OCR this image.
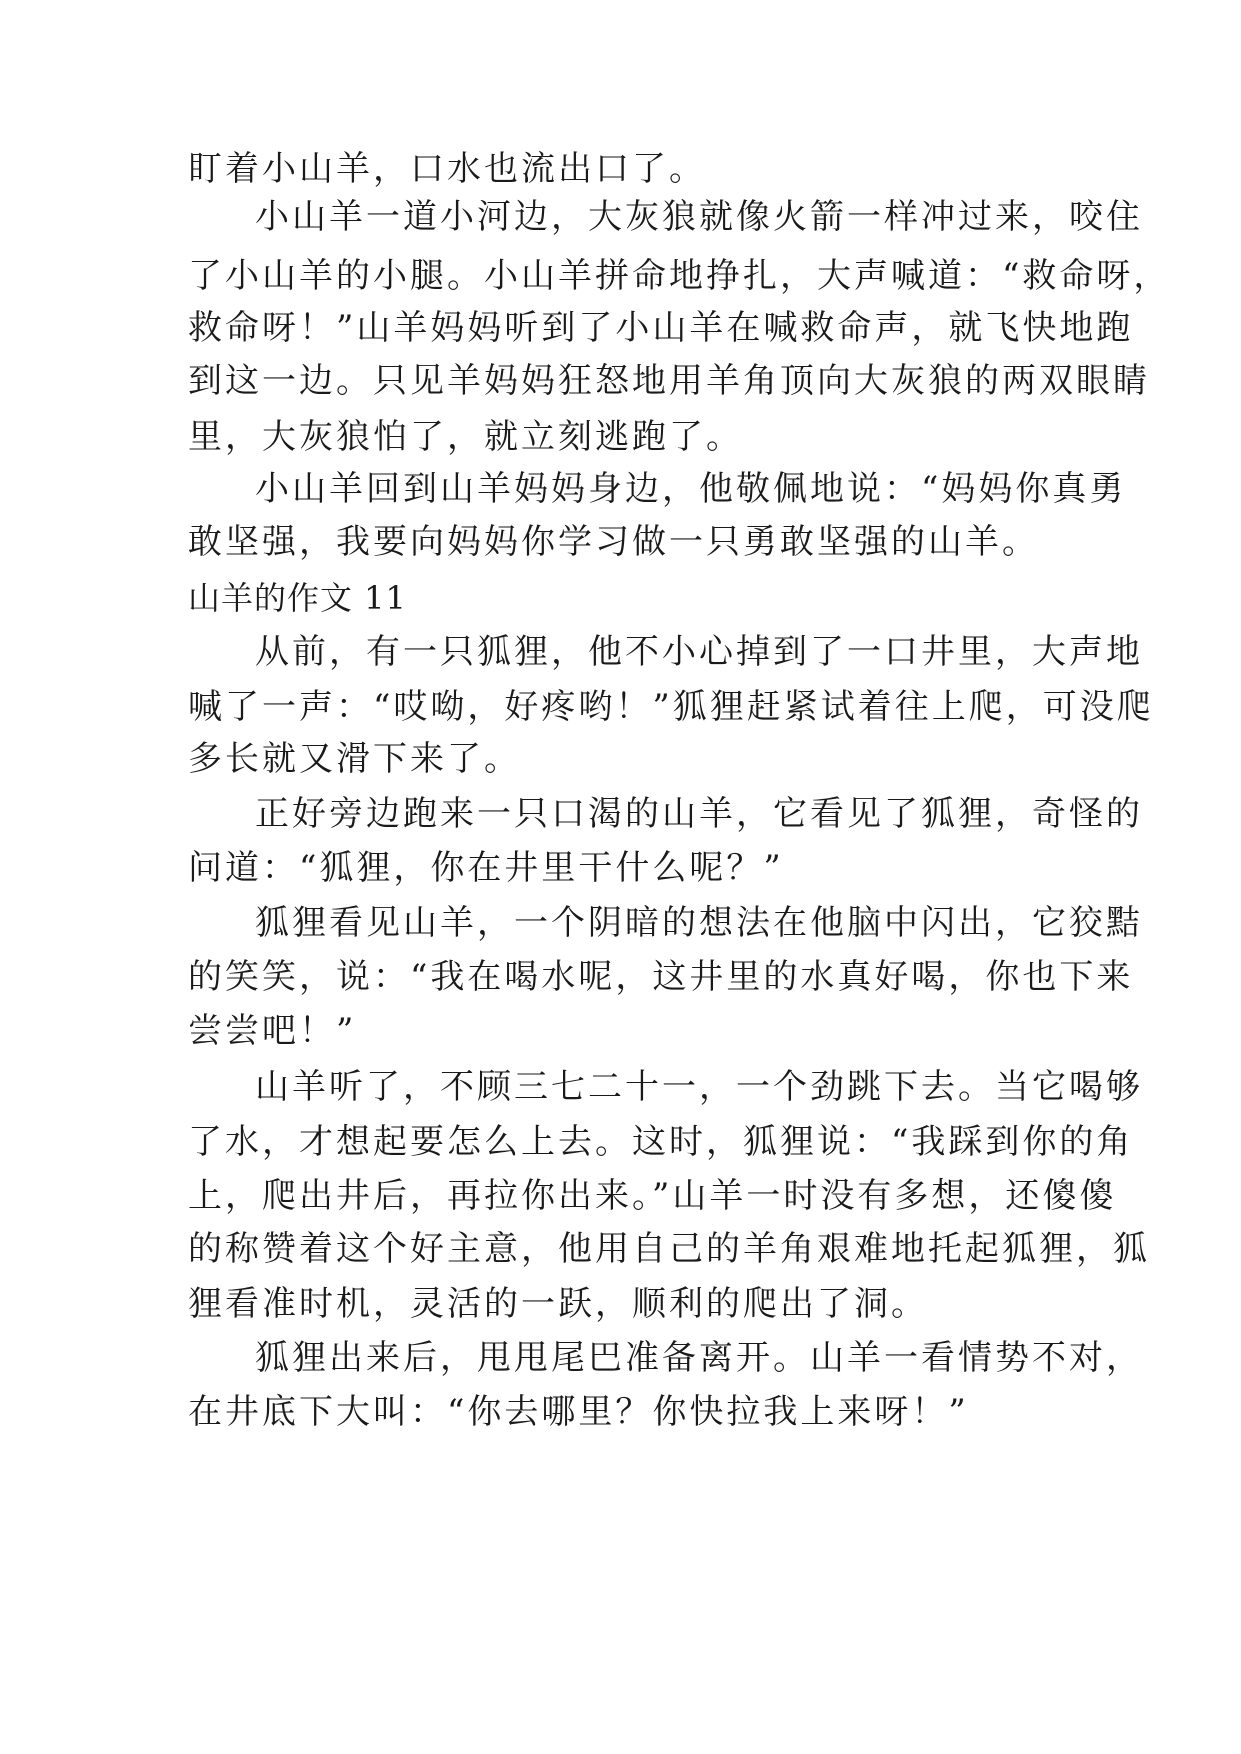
盯着小山羊，口水也流出口了。
小山羊一道小河边，大灰狼就像火箭一样冲过来，咬住
了小山羊的小腿。小山羊拼命地挣扎，大声喊道：“救命呀，
救命呀！”山羊妈妈听到了小山羊在喊救命声，就飞快地跑
到这一边。只见羊妈妈狂怒地用羊角顶向大灰狼的两双眼睛
里，大灰狼怕了，就立刻逃跑了。
小山羊回到山羊妈妈身边，他敬佩地说：“妈妈你真勇
敢坚强，我要向妈妈你学习做一只勇敢坚强的山羊。
山羊的作文 11
从前，有一只狐狸，他不小心掉到了一口井里，大声地
喊了一声：“哎呦，好疼哟！”狐狸赶紧试着往上爬，可没爬
多长就又滑下来了。
正好旁边跑来一只口渴的山羊，它看见了狐狸，奇怪的
问道：“狐狸，你在井里干什么呢？”
狐狸看见山羊，一个阴暗的想法在他脑中闪出，它狡黠
的笑笑，说：“我在喝水呢，这井里的水真好喝，你也下来
尝尝吧！”
山羊听了，不顾三七二十一，一个劲跳下去。当它喝够
了水，才想起要怎么上去。这时，狐狸说：“我踩到你的角
上，爬出井后，再拉你出来。”山羊一时没有多想，还傻傻
的称赞着这个好主意，他用自己的羊角艰难地托起狐狸，狐
狸看准时机，灵活的一跃，顺利的爬出了洞。
狐狸出来后，甩甩尾巴准备离开。山羊一看情势不对，
在井底下大叫：“你去哪里？你快拉我上来呀！”
